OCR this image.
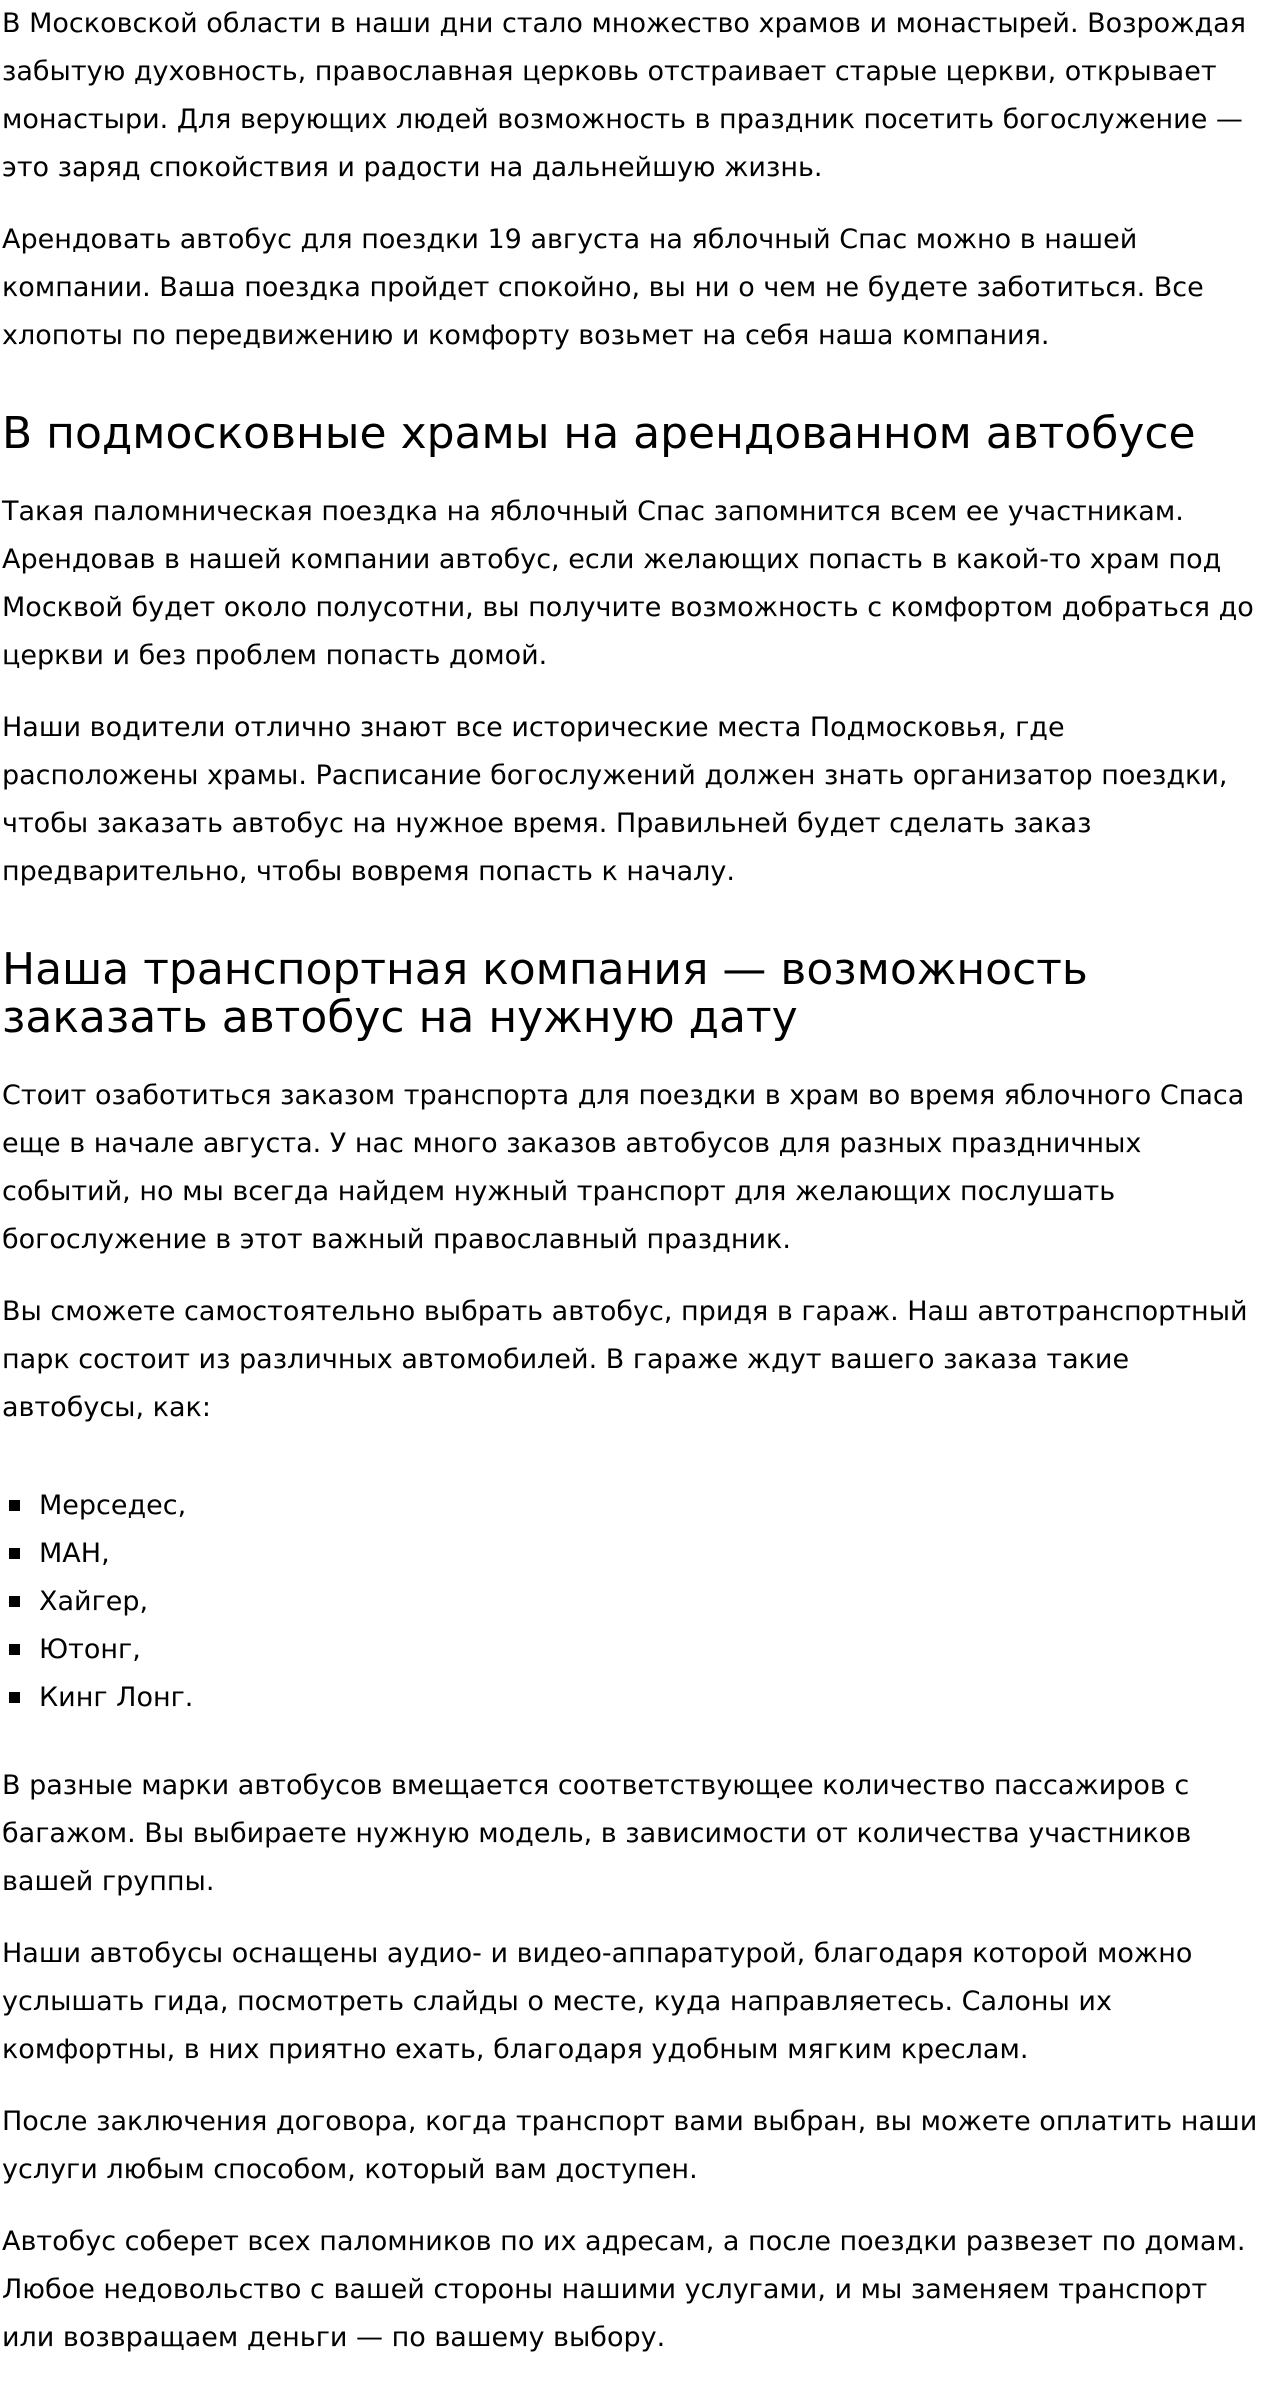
В Московской области в наши дни стало множество храмов и монастырей. Возрождая забытую духовность, православная церковь отстраивает старые церкви, открывает монастыри. Для верующих людей возможность в праздник посетить богослужение — это заряд спокойствия и радости на дальнейшую жизнь.

Арендовать автобус для поездки 19 августа на яблочный Спас можно в нашей компании. Ваша поездка пройдет спокойно, вы ни о чем не будете заботиться. Все хлопоты по передвижению и комфорту возьмет на себя наша компания.

В подмосковные храмы на арендованном автобусе

Такая паломническая поездка на яблочный Спас запомнится всем ее участникам. Арендовав в нашей компании автобус, если желающих попасть в какой-то храм под Москвой будет около полусотни, вы получите возможность с комфортом добраться до церкви и без проблем попасть домой.

Наши водители отлично знают все исторические места Подмосковья, где расположены храмы. Расписание богослужений должен знать организатор поездки, чтобы заказать автобус на нужное время. Правильней будет сделать заказ предварительно, чтобы вовремя попасть к началу.

Наша транспортная компания — возможность заказать автобус на нужную дату

Стоит озаботиться заказом транспорта для поездки в храм во время яблочного Спаса еще в начале августа. У нас много заказов автобусов для разных праздничных событий, но мы всегда найдем нужный транспорт для желающих послушать богослужение в этот важный православный праздник.

Вы сможете самостоятельно выбрать автобус, придя в гараж. Наш автотранспортный парк состоит из различных автомобилей. В гараже ждут вашего заказа такие автобусы, как:

Мерседес,
МАН,
Хайгер,
Ютонг,
Кинг Лонг.

В разные марки автобусов вмещается соответствующее количество пассажиров с багажом. Вы выбираете нужную модель, в зависимости от количества участников вашей группы.

Наши автобусы оснащены аудио- и видео-аппаратурой, благодаря которой можно услышать гида, посмотреть слайды о месте, куда направляетесь. Салоны их комфортны, в них приятно ехать, благодаря удобным мягким креслам.

После заключения договора, когда транспорт вами выбран, вы можете оплатить наши услуги любым способом, который вам доступен.

Автобус соберет всех паломников по их адресам, а после поездки развезет по домам. Любое недовольство с вашей стороны нашими услугами, и мы заменяем транспорт или возвращаем деньги — по вашему выбору.
